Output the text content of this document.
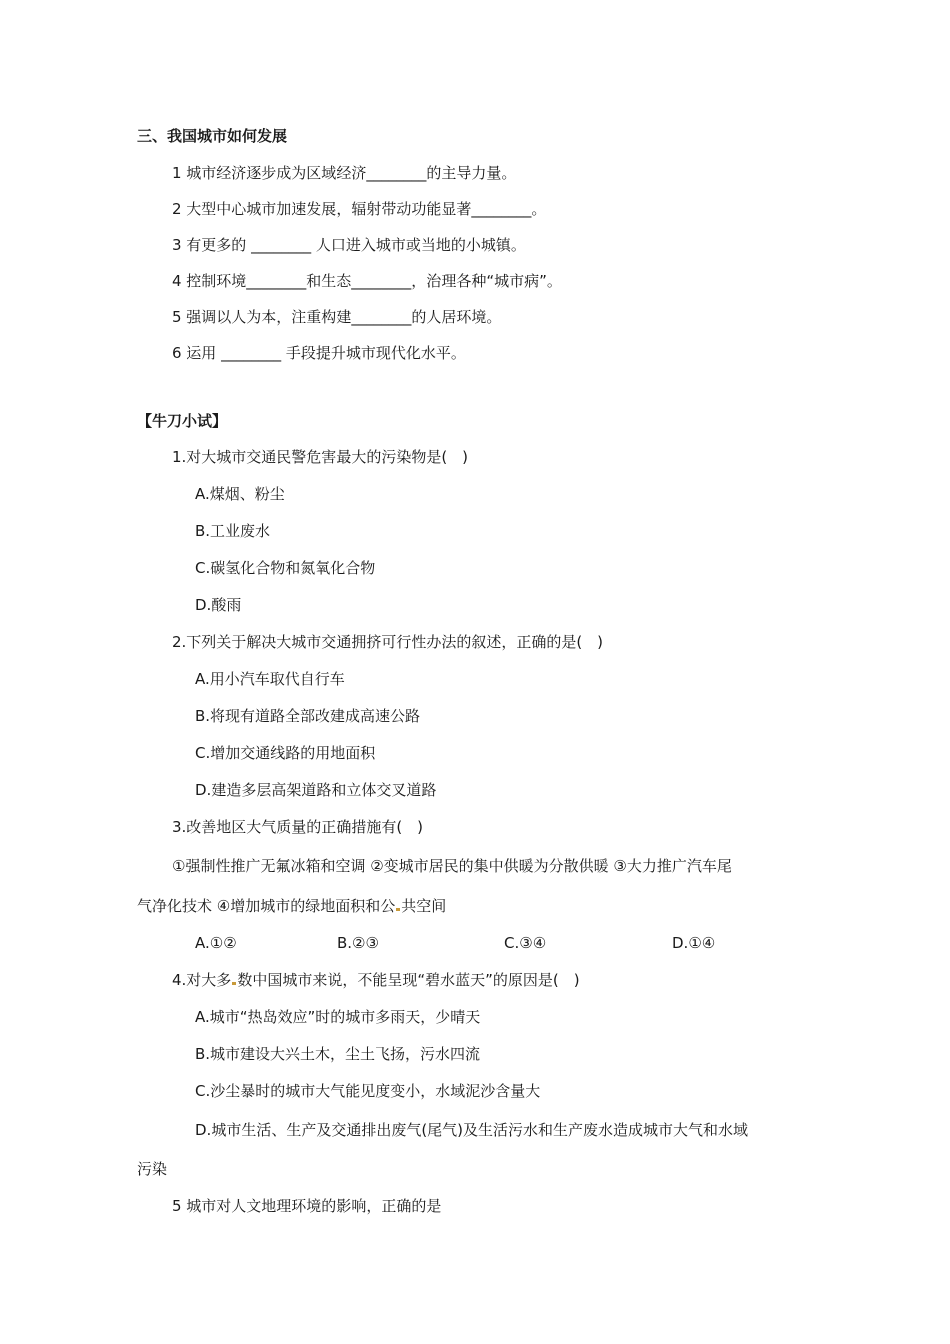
三、我国城市如何发展
1 城市经济逐步成为区域经济________的主导力量。
2 大型中心城市加速发展，辐射带动功能显著________。
3 有更多的 ________ 人口进入城市或当地的小城镇。
4 控制环境________和生态________，治理各种“城市病”。
5 强调以人为本，注重构建________的人居环境。
6 运用 ________ 手段提升城市现代化水平。
【牛刀小试】
1.对大城市交通民警危害最大的污染物是(　)
A.煤烟、粉尘
B.工业废水
C.碳氢化合物和氮氧化合物
D.酸雨
2.下列关于解决大城市交通拥挤可行性办法的叙述，正确的是(　)
A.用小汽车取代自行车
B.将现有道路全部改建成高速公路
C.增加交通线路的用地面积
D.建造多层高架道路和立体交叉道路
3.改善地区大气质量的正确措施有(　)
①强制性推广无氟冰箱和空调 ②变城市居民的集中供暖为分散供暖 ③大力推广汽车尾
气净化技术 ④增加城市的绿地面积和公 共空间
A.①②	B.②③	C.③④	D.①④
4.对大多 数中国城市来说，不能呈现“碧水蓝天”的原因是(　)
A.城市“热岛效应”时的城市多雨天，少晴天
B.城市建设大兴土木，尘土飞扬，污水四流
C.沙尘暴时的城市大气能见度变小，水域泥沙含量大
D.城市生活、生产及交通排出废气(尾气)及生活污水和生产废水造成城市大气和水域
污染
5 城市对人文地理环境的影响，正确的是
